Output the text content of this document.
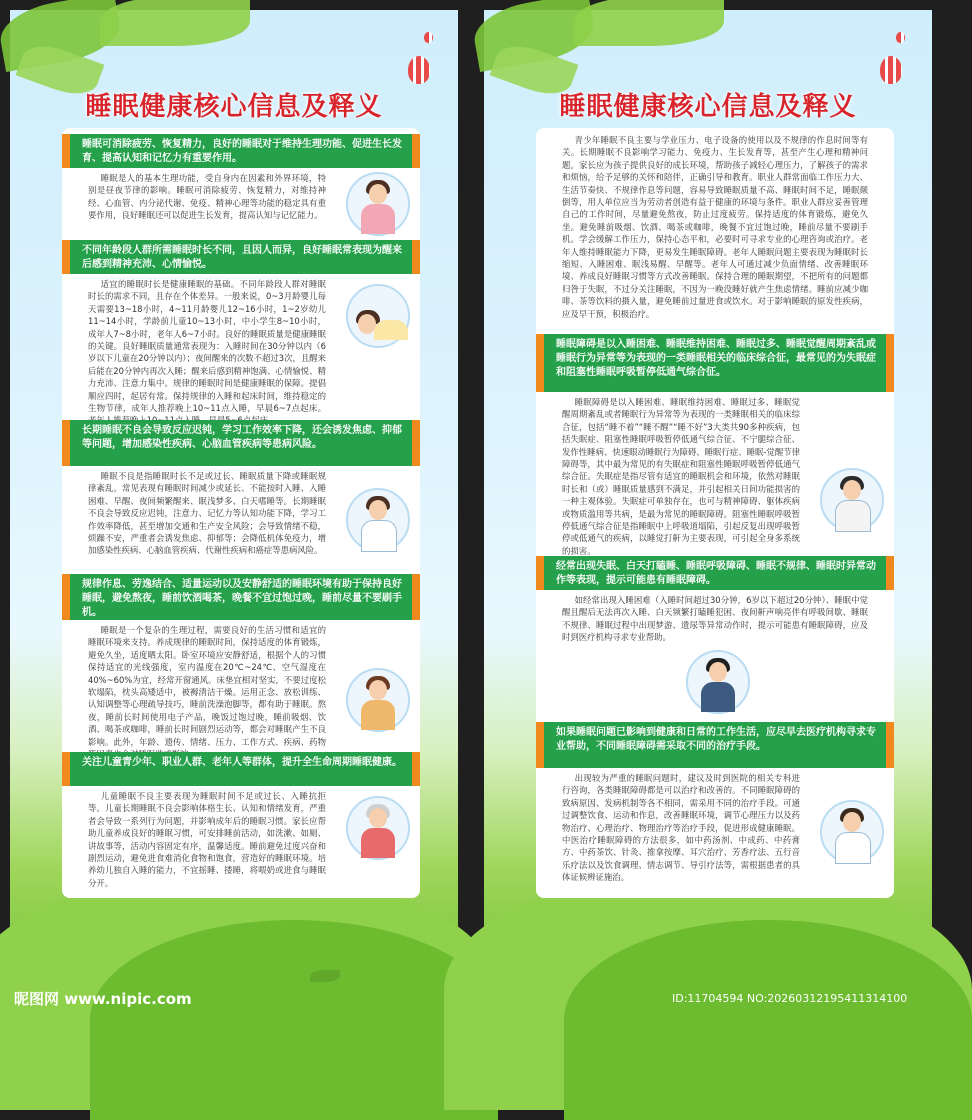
睡眠健康核心信息及释义
睡眠可消除疲劳、恢复精力，良好的睡眠对于维持生理功能、促进生长发育、提高认知和记忆力有重要作用。
睡眠是人的基本生理功能，受自身内在因素和外界环境，特别是昼夜节律的影响。睡眠可消除疲劳、恢复精力，对维持神经、心血管、内分泌代谢、免疫、精神心理等功能的稳定具有重要作用，良好睡眠还可以促进生长发育，提高认知与记忆能力。
不同年龄段人群所需睡眠时长不同，且因人而异，良好睡眠常表现为醒来后感到精神充沛、心情愉悦。
适宜的睡眠时长是健康睡眠的基础。不同年龄段人群对睡眠时长的需求不同，且存在个体差异。一般来说，0~3月龄婴儿每天需要13~18小时，4~11月龄婴儿12~16小时，1~2岁幼儿11~14小时，学龄前儿童10~13小时，中小学生8~10小时，成年人7~8小时，老年人6~7小时。良好的睡眠质量是健康睡眠的关键。良好睡眠质量通常表现为：入睡时间在30分钟以内（6岁以下儿童在20分钟以内）；夜间醒来的次数不超过3次，且醒来后能在20分钟内再次入睡；醒来后感到精神饱满、心情愉悦、精力充沛、注意力集中。规律的睡眠时间是健康睡眠的保障。提倡顺应四时，起居有常。保持规律的入睡和起床时间，维持稳定的生物节律，成年人推荐晚上10~11点入睡，早晨6~7点起床。
长期睡眠不良会导致反应迟钝，学习工作效率下降，还会诱发焦虑、抑郁等问题，增加感染性疾病、心脑血管疾病等患病风险。
睡眠不良是指睡眠时长不足或过长、睡眠质量下降或睡眠规律紊乱。常见表现有睡眠时间减少或延长、不能按时入睡、入睡困难、早醒、夜间频繁醒来、眠浅梦多、白天嗜睡等。长期睡眠不良会导致反应迟钝，注意力、记忆力等认知功能下降，学习工作效率降低，甚至增加交通和生产安全风险；会导致情绪不稳，烦躁不安，严重者会诱发焦虑、抑郁等；会降低机体免疫力，增加感染性疾病、心脑血管疾病、代谢性疾病和癌症等患病风险。
规律作息、劳逸结合、适量运动以及安静舒适的睡眠环境有助于保持良好睡眠，避免熬夜，睡前饮酒喝茶，晚餐不宜过饱过晚，睡前尽量不要刷手机。
睡眠是一个复杂的生理过程，需要良好的生活习惯和适宜的睡眠环境来支持。养成规律的睡眠时间，保持适度的体育锻炼，避免久坐，适度晒太阳。卧室环境应安静舒适，根据个人的习惯保持适宜的光线强度，室内温度在20℃~24℃、空气湿度在40%~60%为宜，经常开窗通风。床垫宜相对坚实，不要过度松软塌陷，枕头高矮适中，被褥清洁干燥。运用正念、放松训练、认知调整等心理疏导技巧，睡前洗澡泡脚等，都有助于睡眠。熬夜，睡前长时间使用电子产品，晚饭过饱过晚，睡前吸烟、饮酒、喝茶或咖啡，睡前长时间剧烈运动等，都会对睡眠产生不良影响。此外，年龄、遗传、情绪、压力、工作方式、疾病、药物
关注儿童青少年、职业人群、老年人等群体，提升全生命周期睡眠健康。
儿童睡眠不良主要表现为睡眠时间不足或过长、入睡抗拒等。儿童长期睡眠不良会影响体格生长、认知和情绪发育，严重者会导致一系列行为问题，并影响成年后的睡眠习惯。家长应帮助儿童养成良好的睡眠习惯，可安排睡前活动，如洗漱、如厕、讲故事等，活动内容固定有序，温馨适度。睡前避免过度兴奋和剧烈运动，避免进食难消化食物和饱食，营造好的睡眠环境。培养幼儿独自入睡的能力，不宜摇睡、搂睡，将喂奶或进食与睡眠分开。
睡眠健康核心信息及释义
青少年睡眠不良主要与学业压力、电子设备的使用以及不规律的作息时间等有关。长期睡眠不良影响学习能力、免疫力、生长发育等，甚至产生心理和精神问题。家长应为孩子提供良好的成长环境，帮助孩子减轻心理压力，了解孩子的需求和烦恼，给予足够的关怀和陪伴，正确引导和教育。职业人群常面临工作压力大、生活节奏快、不规律作息等问题，容易导致睡眠质量不高、睡眠时间不足，睡眠颠倒等，用人单位应当为劳动者创造有益于健康的环境与条件。职业人群应妥善管理自己的工作时间，尽量避免熬夜，防止过度疲劳。保持适度的体育锻炼，避免久坐。避免睡前吸烟、饮酒、喝茶或咖啡，晚餐不宜过饱过晚，睡前尽量不要刷手机。学会缓解工作压力，保持心态平和，必要时可寻求专业的心理咨询或治疗。老年人维持睡眠能力下降，更易发生睡眠障碍。老年人睡眠问题主要表现为睡眠时长缩短、入睡困难、眠浅易醒、早醒等。老年人可通过减少负面情绪、改善睡眠环境、养成良好睡眠习惯等方式改善睡眠。保持合理的睡眠期望，不把所有的问题都归咎于失眠，不过分关注睡眠，不因为一晚没睡好就产生焦虑情绪。睡前应减少咖啡、茶等饮料的摄入量，避免睡前过量进食或饮水。对于影响睡眠的原发性疾病，应及早干预，积极治疗。
睡眠障碍是以入睡困难、睡眠维持困难、睡眠过多、睡眠觉醒周期紊乱或睡眠行为异常等为表现的一类睡眠相关的临床综合征，最常见的为失眠症和阻塞性睡眠呼吸暂停低通气综合征。
睡眠障碍是以入睡困难、睡眠维持困难、睡眠过多、睡眠觉醒周期紊乱或者睡眠行为异常等为表现的一类睡眠相关的临床综合征，包括“睡不着”“睡不醒”“睡不好”3大类共90多种疾病，包括失眠症、阻塞性睡眠呼吸暂停低通气综合征、不宁腿综合征、发作性睡病、快速眼动睡眠行为障碍、睡眠行症、睡眠-觉醒节律障碍等，其中最为常见的有失眠症和阻塞性睡眠呼吸暂停低通气综合征。失眠症是指尽管有适宜的睡眠机会和环境，依然对睡眠时长和（或）睡眠质量感到不满足，并引起相关日间功能损害的一种主观体验。失眠症可单独存在，也可与精神障碍、躯体疾病或物质滥用等共病，是最为常见的睡眠障碍。阻塞性睡眠呼吸暂停低通气综合征是指睡眠中上呼吸道塌陷，引起反复出现呼吸暂停或低通气的疾病，以睡觉打鼾为主要表现，可引起全身多系统的损害。
经常出现失眠、白天打瞌睡、睡眠呼吸障碍、睡眠不规律、睡眠时异常动作等表现，提示可能患有睡眠障碍。
如经常出现入睡困难（入睡时间超过30分钟，6岁以下超过20分钟）、睡眠中觉醒且醒后无法再次入睡、白天频繁打瞌睡犯困、夜间鼾声响亮伴有呼吸间歇、睡眠不规律、睡眠过程中出现梦游、遗尿等异常动作时，提示可能患有睡眠障碍，应及时到医疗机构寻求专业帮助。
如果睡眠问题已影响到健康和日常的工作生活，应尽早去医疗机构寻求专业帮助，不同睡眠障碍需采取不同的治疗手段。
出现较为严重的睡眠问题时，建议及时到医院的相关专科进行咨询，各类睡眠障碍都是可以治疗和改善的。不同睡眠障碍的致病原因、发病机制等各不相同，需采用不同的治疗手段。可通过调整饮食、运动和作息，改善睡眠环境，调节心理压力以及药物治疗、心理治疗、物理治疗等治疗手段，促进形成健康睡眠。中医治疗睡眠障碍的方法很多，如中药汤剂、中成药、中药膏方、中药茶饮、针灸、推拿按摩、耳穴治疗、芳香疗法、五行音乐疗法以及饮食调理、情志调节、导引疗法等，需根据患者的具体证候辨证施治。
昵图网 www.nipic.com	ID:11704594 NO:20260312195411314100
